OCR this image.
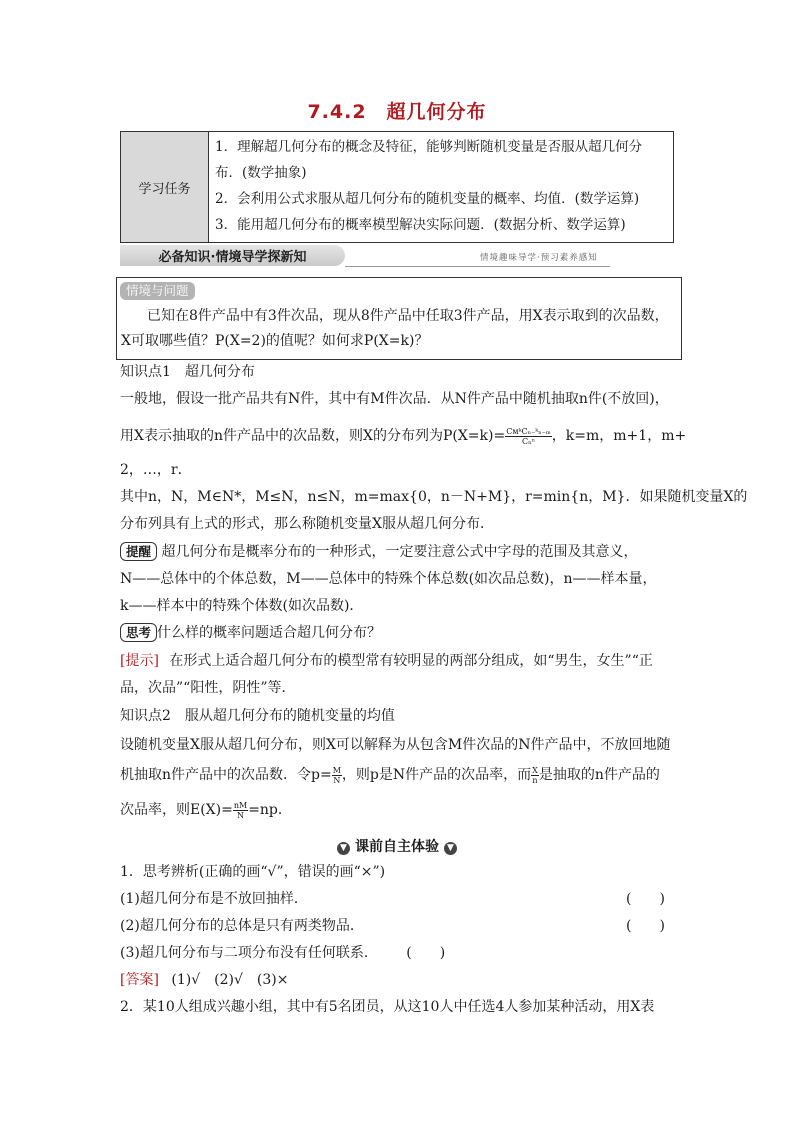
7.4.2　超几何分布
学习任务
1．理解超几何分布的概念及特征，能够判断随机变量是否服从超几何分
布．(数学抽象)
2．会利用公式求服从超几何分布的随机变量的概率、均值．(数学运算)
3．能用超几何分布的概率模型解决实际问题．(数据分析、数学运算)
必备知识·情境导学探新知	情境趣味导学·预习素养感知
情境与问题
已知在8件产品中有3件次品，现从8件产品中任取3件产品，用X表示取到的次品数，
X可取哪些值？P(X=2)的值呢？如何求P(X=k)？
知识点1　超几何分布
一般地，假设一批产品共有N件，其中有M件次品．从N件产品中随机抽取n件(不放回)，
用X表示抽取的n件产品中的次品数，则X的分布列为$P(X=k)= \frac{\text{CᴍᵏCₙ₋ᵏₙ₋ₘ}}{\text{Cₙⁿ}}$ ，k=m，m+1，m+
2，…，r．
其中n，N，M∈N*，M≤N，n≤N，m=max{0，n－N+M}，r=min{n，M}．如果随机变量X的
分布列具有上式的形式，那么称随机变量X服从超几何分布．
提醒 超几何分布是概率分布的一种形式，一定要注意公式中字母的范围及其意义，
N——总体中的个体总数，M——总体中的特殊个体总数(如次品总数)，n——样本量，
k——样本中的特殊个体数(如次品数)．
思考 什么样的概率问题适合超几何分布？
[提示] 在形式上适合超几何分布的模型常有较明显的两部分组成，如“男生，女生”“正
品，次品”“阳性，阴性”等．
知识点2　服从超几何分布的随机变量的均值
设随机变量X服从超几何分布，则X可以解释为从包含M件次品的N件产品中，不放回地随
机抽取n件产品中的次品数．令$p= \frac{M}{N}$ ，则p是N件产品的次品率，而 $\frac{X}{n}$ 是抽取的n件产品的
次品率，则$E(X)= \frac{nM}{N} =np$．
▼ 课前自主体验 ▼
1．思考辨析(正确的画“√”，错误的画“×”)
(1)超几何分布是不放回抽样．	(　　)
(2)超几何分布的总体是只有两类物品．	(　　)
(3)超几何分布与二项分布没有任何联系． (　　)
[答案] (1)√　(2)√　(3)×
2．某10人组成兴趣小组，其中有5名团员，从这10人中任选4人参加某种活动，用X表
